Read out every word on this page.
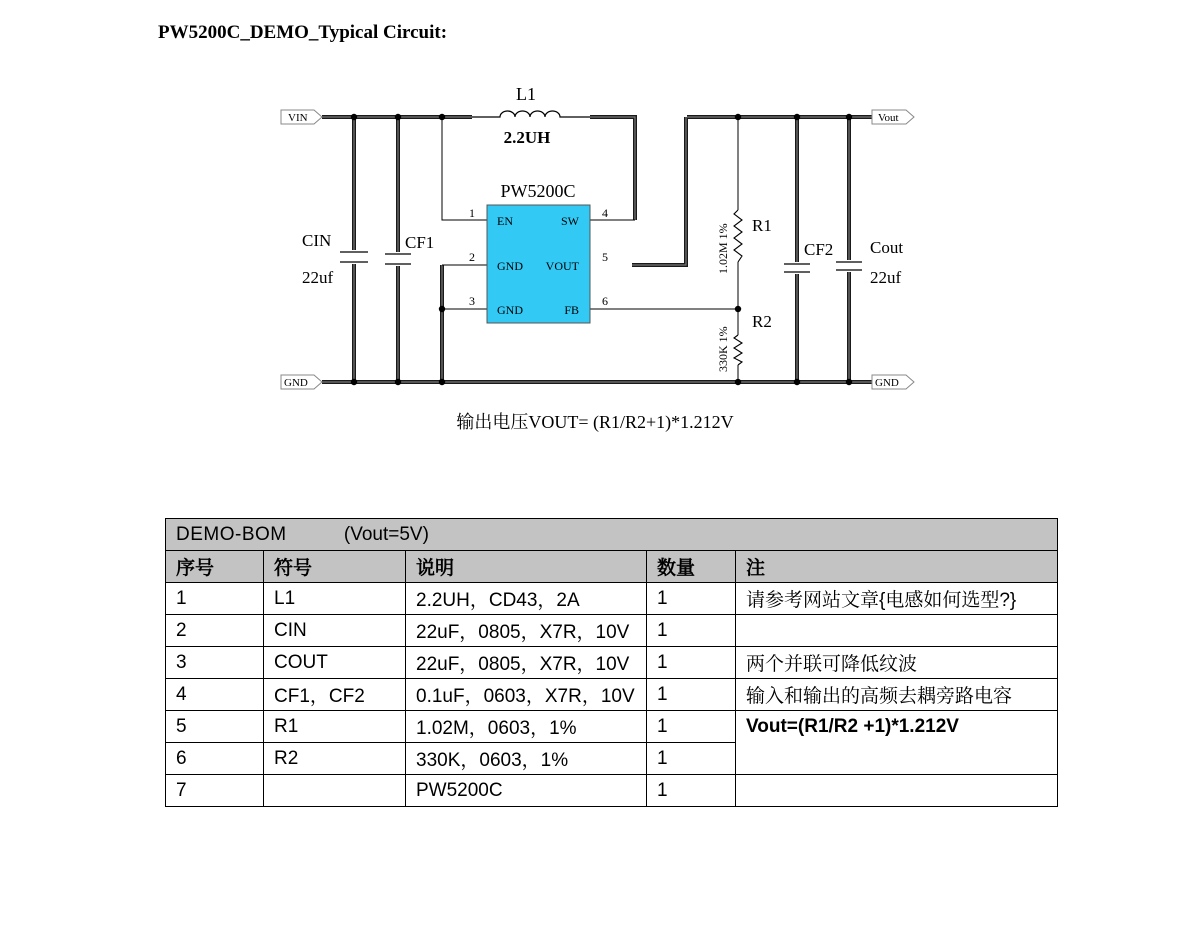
PW5200C_DEMO_Typical Circuit:
L1
2.2UH
PW5200C
EN	SW
GND VOUT
GND	FB
1
2
3
4
5
6
VIN	Vout
GND	GND
CIN
22uf
CF1	CF2 Cout
22uf
R1
R2
1.02M 1%
330K 1%
输出电压VOUT= (R1/R2+1)*1.212V
DEMO-BOM (Vout=5V)				
序号	符号	说明	数量	注
1	L1	2.2UH，CD43，2A	1	请参考网站文章{电感如何选型?}
2	CIN	22uF，0805，X7R，10V	1	
3	COUT	22uF，0805，X7R，10V	1	两个并联可降低纹波
4	CF1，CF2	0.1uF，0603，X7R，10V	1	输入和输出的高频去耦旁路电容
5	R1	1.02M，0603，1%	1	Vout=(R1/R2 +1)*1.212V
6	R2	330K，0603，1%	1	
7		PW5200C	1	
